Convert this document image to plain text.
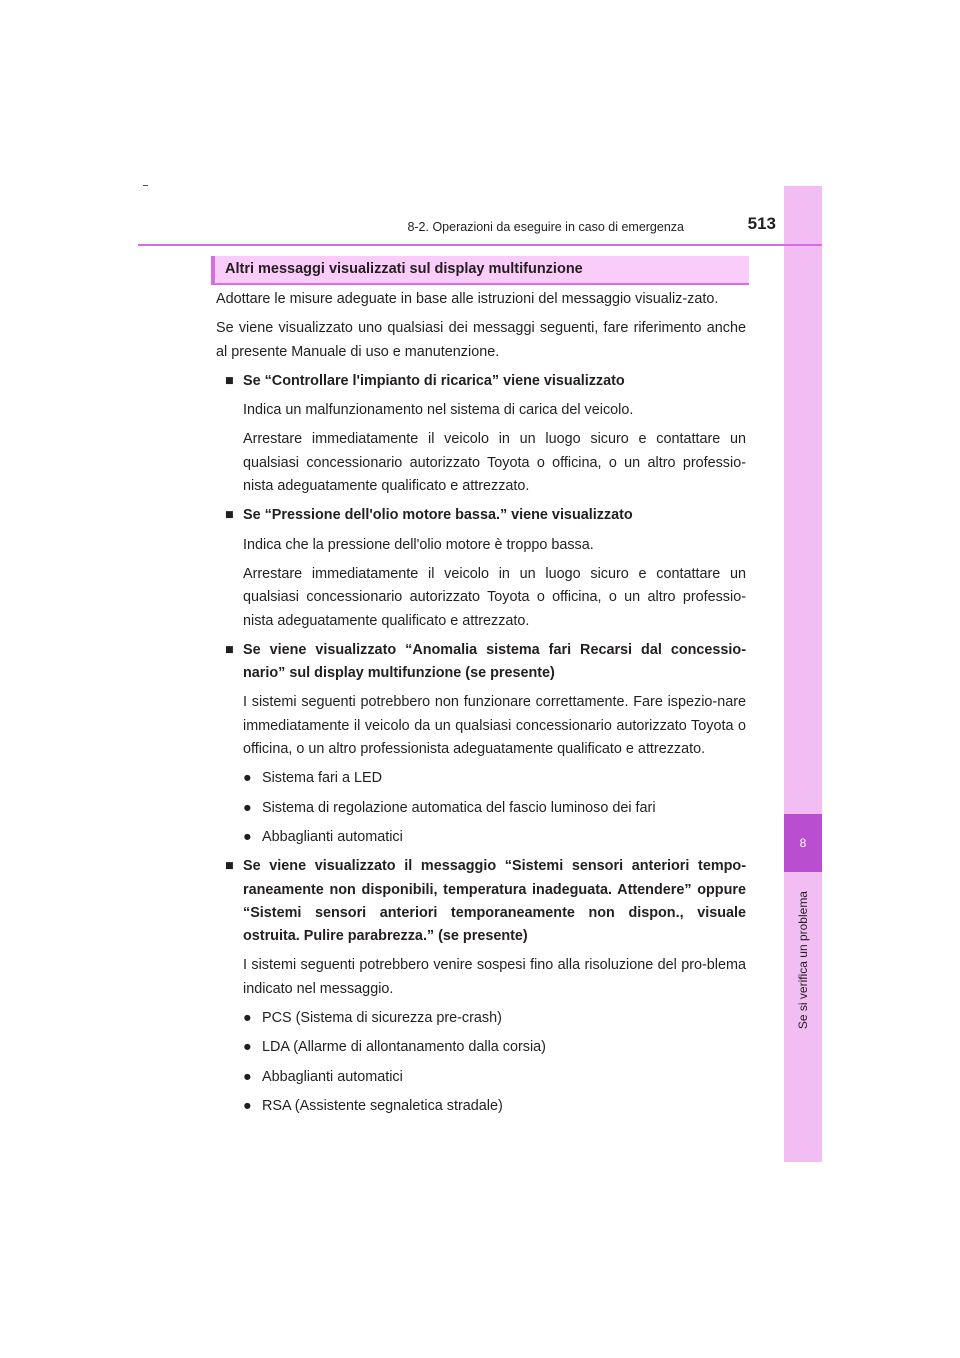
8
Se si verifica un problema
8-2. Operazioni da eseguire in caso di emergenza	513
Altri messaggi visualizzati sul display multifunzione

Adottare le misure adeguate in base alle istruzioni del messaggio visualiz-zato.

Se viene visualizzato uno qualsiasi dei messaggi seguenti, fare riferimento anche al presente Manuale di uso e manutenzione.

■ Se “Controllare l'impianto di ricarica” viene visualizzato

Indica un malfunzionamento nel sistema di carica del veicolo.

Arrestare immediatamente il veicolo in un luogo sicuro e contattare un qualsiasi concessionario autorizzato Toyota o officina, o un altro professio-nista adeguatamente qualificato e attrezzato.

■ Se “Pressione dell'olio motore bassa.” viene visualizzato

Indica che la pressione dell'olio motore è troppo bassa.

Arrestare immediatamente il veicolo in un luogo sicuro e contattare un qualsiasi concessionario autorizzato Toyota o officina, o un altro professio-nista adeguatamente qualificato e attrezzato.

■ Se viene visualizzato “Anomalia sistema fari Recarsi dal concessio-nario” sul display multifunzione (se presente)

I sistemi seguenti potrebbero non funzionare correttamente. Fare ispezio-nare immediatamente il veicolo da un qualsiasi concessionario autorizzato Toyota o officina, o un altro professionista adeguatamente qualificato e attrezzato.

● Sistema fari a LED

● Sistema di regolazione automatica del fascio luminoso dei fari

● Abbaglianti automatici

■ Se viene visualizzato il messaggio “Sistemi sensori anteriori tempo-raneamente non disponibili, temperatura inadeguata. Attendere” oppure “Sistemi sensori anteriori temporaneamente non dispon., visuale ostruita. Pulire parabrezza.” (se presente)

I sistemi seguenti potrebbero venire sospesi fino alla risoluzione del pro-blema indicato nel messaggio.

● PCS (Sistema di sicurezza pre-crash)

● LDA (Allarme di allontanamento dalla corsia)

● Abbaglianti automatici

● RSA (Assistente segnaletica stradale)
